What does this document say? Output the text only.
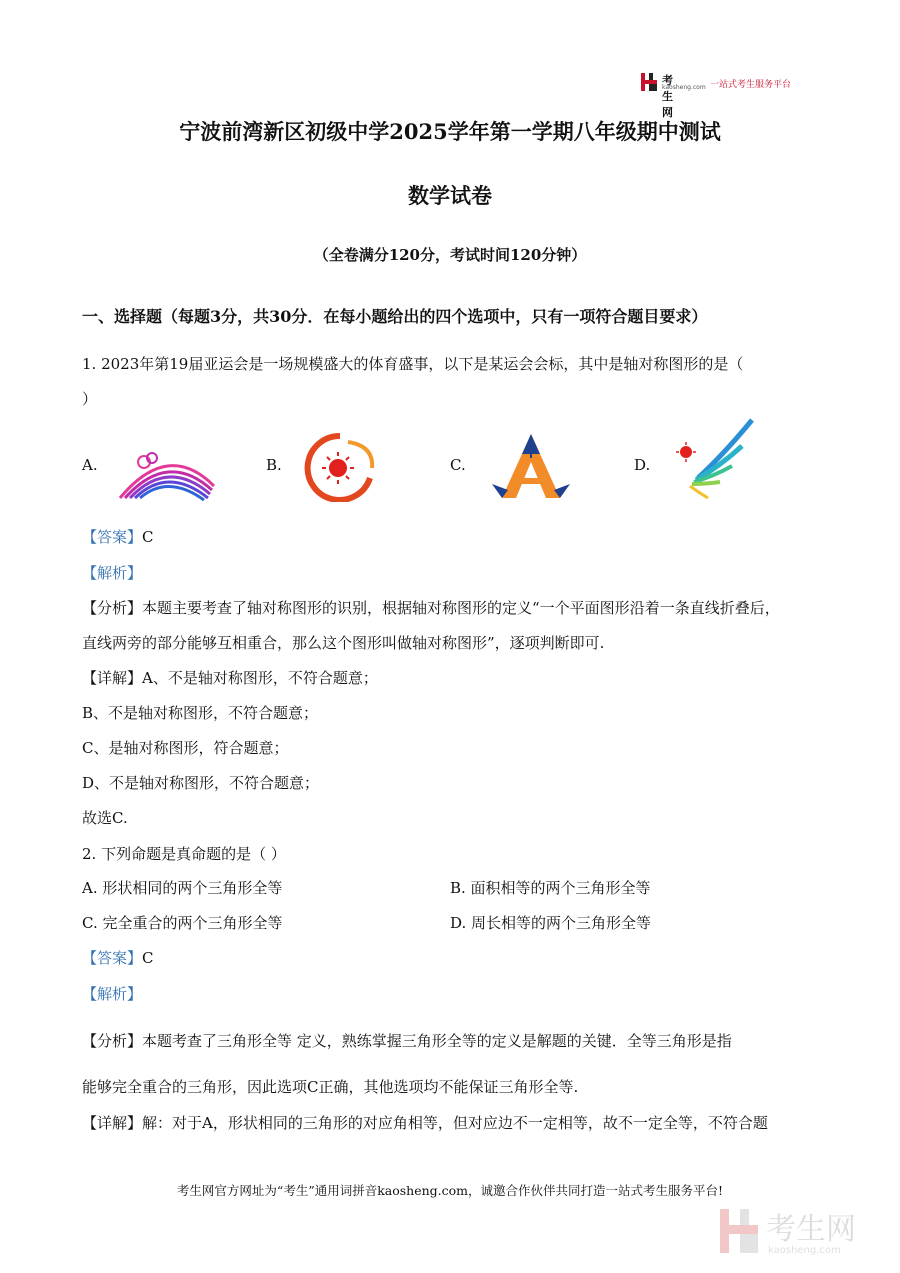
考生网
kaosheng.com 一站式考生服务平台
宁波前湾新区初级中学2025学年第一学期八年级期中测试
数学试卷
（全卷满分120分，考试时间120分钟）
一、选择题（每题3分，共30分．在每小题给出的四个选项中，只有一项符合题目要求）
1. 2023年第19届亚运会是一场规模盛大的体育盛事，以下是某运会会标，其中是轴对称图形的是（
）
A.	B.	C.	D.
【答案】C
【解析】
【分析】本题主要考查了轴对称图形的识别，根据轴对称图形的定义“一个平面图形沿着一条直线折叠后，
直线两旁的部分能够互相重合，那么这个图形叫做轴对称图形”，逐项判断即可.
【详解】A、不是轴对称图形，不符合题意；
B、不是轴对称图形，不符合题意；
C、是轴对称图形，符合题意；
D、不是轴对称图形，不符合题意；
故选C.
2. 下列命题是真命题的是（ ）
A. 形状相同的两个三角形全等	B. 面积相等的两个三角形全等
C. 完全重合的两个三角形全等	D. 周长相等的两个三角形全等
【答案】C
【解析】
【分析】本题考查了三角形全等 定义，熟练掌握三角形全等的定义是解题的关键．全等三角形是指
能够完全重合的三角形，因此选项C正确，其他选项均不能保证三角形全等.
【详解】解：对于A，形状相同的三角形的对应角相等，但对应边不一定相等，故不一定全等，不符合题
考生网官方网址为“考生”通用词拼音kaosheng.com，诚邀合作伙伴共同打造一站式考生服务平台!
考生网
kaosheng.com
